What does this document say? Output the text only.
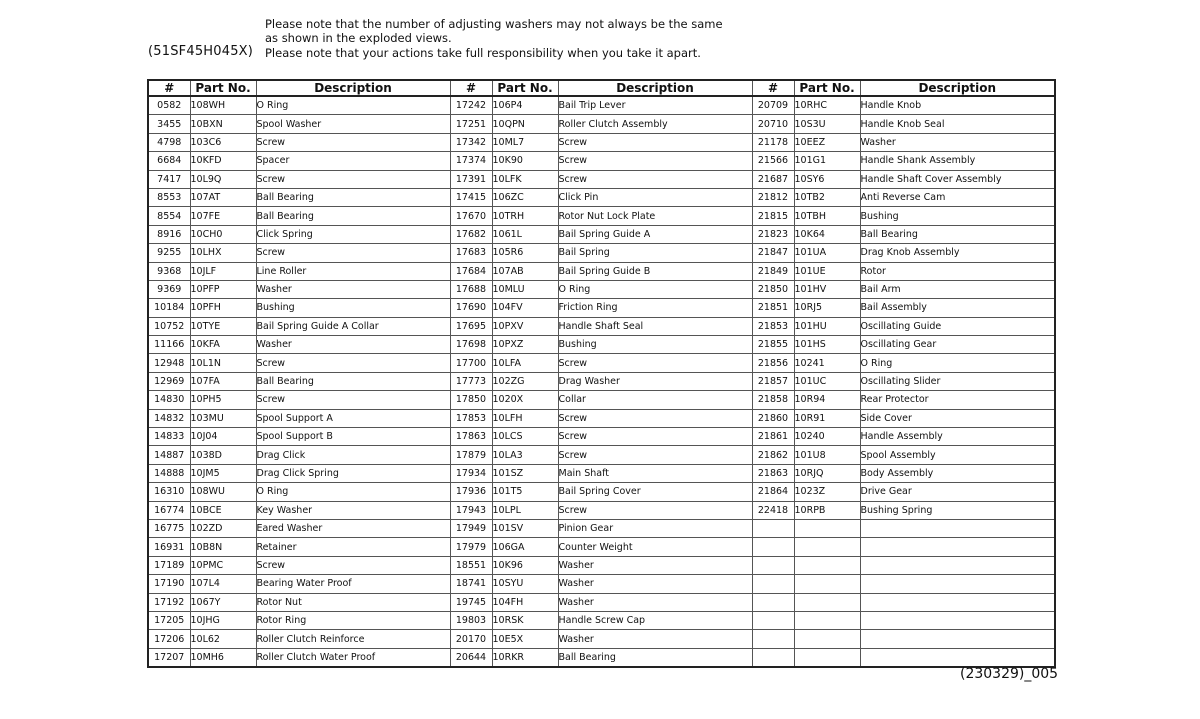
(51SF45H045X)
Please note that the number of adjusting washers may not always be the same
as shown in the exploded views.
Please note that your actions take full responsibility when you take it apart.
#	Part No.	Description	#	Part No.	Description	#	Part No.	Description
0582	108WH	O Ring	17242	106P4	Bail Trip Lever	20709	10RHC	Handle Knob
3455	10BXN	Spool Washer	17251	10QPN	Roller Clutch Assembly	20710	10S3U	Handle Knob Seal
4798	103C6	Screw	17342	10ML7	Screw	21178	10EEZ	Washer
6684	10KFD	Spacer	17374	10K90	Screw	21566	101G1	Handle Shank Assembly
7417	10L9Q	Screw	17391	10LFK	Screw	21687	10SY6	Handle Shaft Cover Assembly
8553	107AT	Ball Bearing	17415	106ZC	Click Pin	21812	10TB2	Anti Reverse Cam
8554	107FE	Ball Bearing	17670	10TRH	Rotor Nut Lock Plate	21815	10TBH	Bushing
8916	10CH0	Click Spring	17682	1061L	Bail Spring Guide A	21823	10K64	Ball Bearing
9255	10LHX	Screw	17683	105R6	Bail Spring	21847	101UA	Drag Knob Assembly
9368	10JLF	Line Roller	17684	107AB	Bail Spring Guide B	21849	101UE	Rotor
9369	10PFP	Washer	17688	10MLU	O Ring	21850	101HV	Bail Arm
10184	10PFH	Bushing	17690	104FV	Friction Ring	21851	10RJ5	Bail Assembly
10752	10TYE	Bail Spring Guide A Collar	17695	10PXV	Handle Shaft Seal	21853	101HU	Oscillating Guide
11166	10KFA	Washer	17698	10PXZ	Bushing	21855	101HS	Oscillating Gear
12948	10L1N	Screw	17700	10LFA	Screw	21856	10241	O Ring
12969	107FA	Ball Bearing	17773	102ZG	Drag Washer	21857	101UC	Oscillating Slider
14830	10PH5	Screw	17850	1020X	Collar	21858	10R94	Rear Protector
14832	103MU	Spool Support A	17853	10LFH	Screw	21860	10R91	Side Cover
14833	10J04	Spool Support B	17863	10LCS	Screw	21861	10240	Handle Assembly
14887	1038D	Drag Click	17879	10LA3	Screw	21862	101U8	Spool Assembly
14888	10JM5	Drag Click Spring	17934	101SZ	Main Shaft	21863	10RJQ	Body Assembly
16310	108WU	O Ring	17936	101T5	Bail Spring Cover	21864	1023Z	Drive Gear
16774	10BCE	Key Washer	17943	10LPL	Screw	22418	10RPB	Bushing Spring
16775	102ZD	Eared Washer	17949	101SV	Pinion Gear			
16931	10B8N	Retainer	17979	106GA	Counter Weight			
17189	10PMC	Screw	18551	10K96	Washer			
17190	107L4	Bearing Water Proof	18741	10SYU	Washer			
17192	1067Y	Rotor Nut	19745	104FH	Washer			
17205	10JHG	Rotor Ring	19803	10RSK	Handle Screw Cap			
17206	10L62	Roller Clutch Reinforce	20170	10E5X	Washer			
17207	10MH6	Roller Clutch Water Proof	20644	10RKR	Ball Bearing			
(230329)_005
